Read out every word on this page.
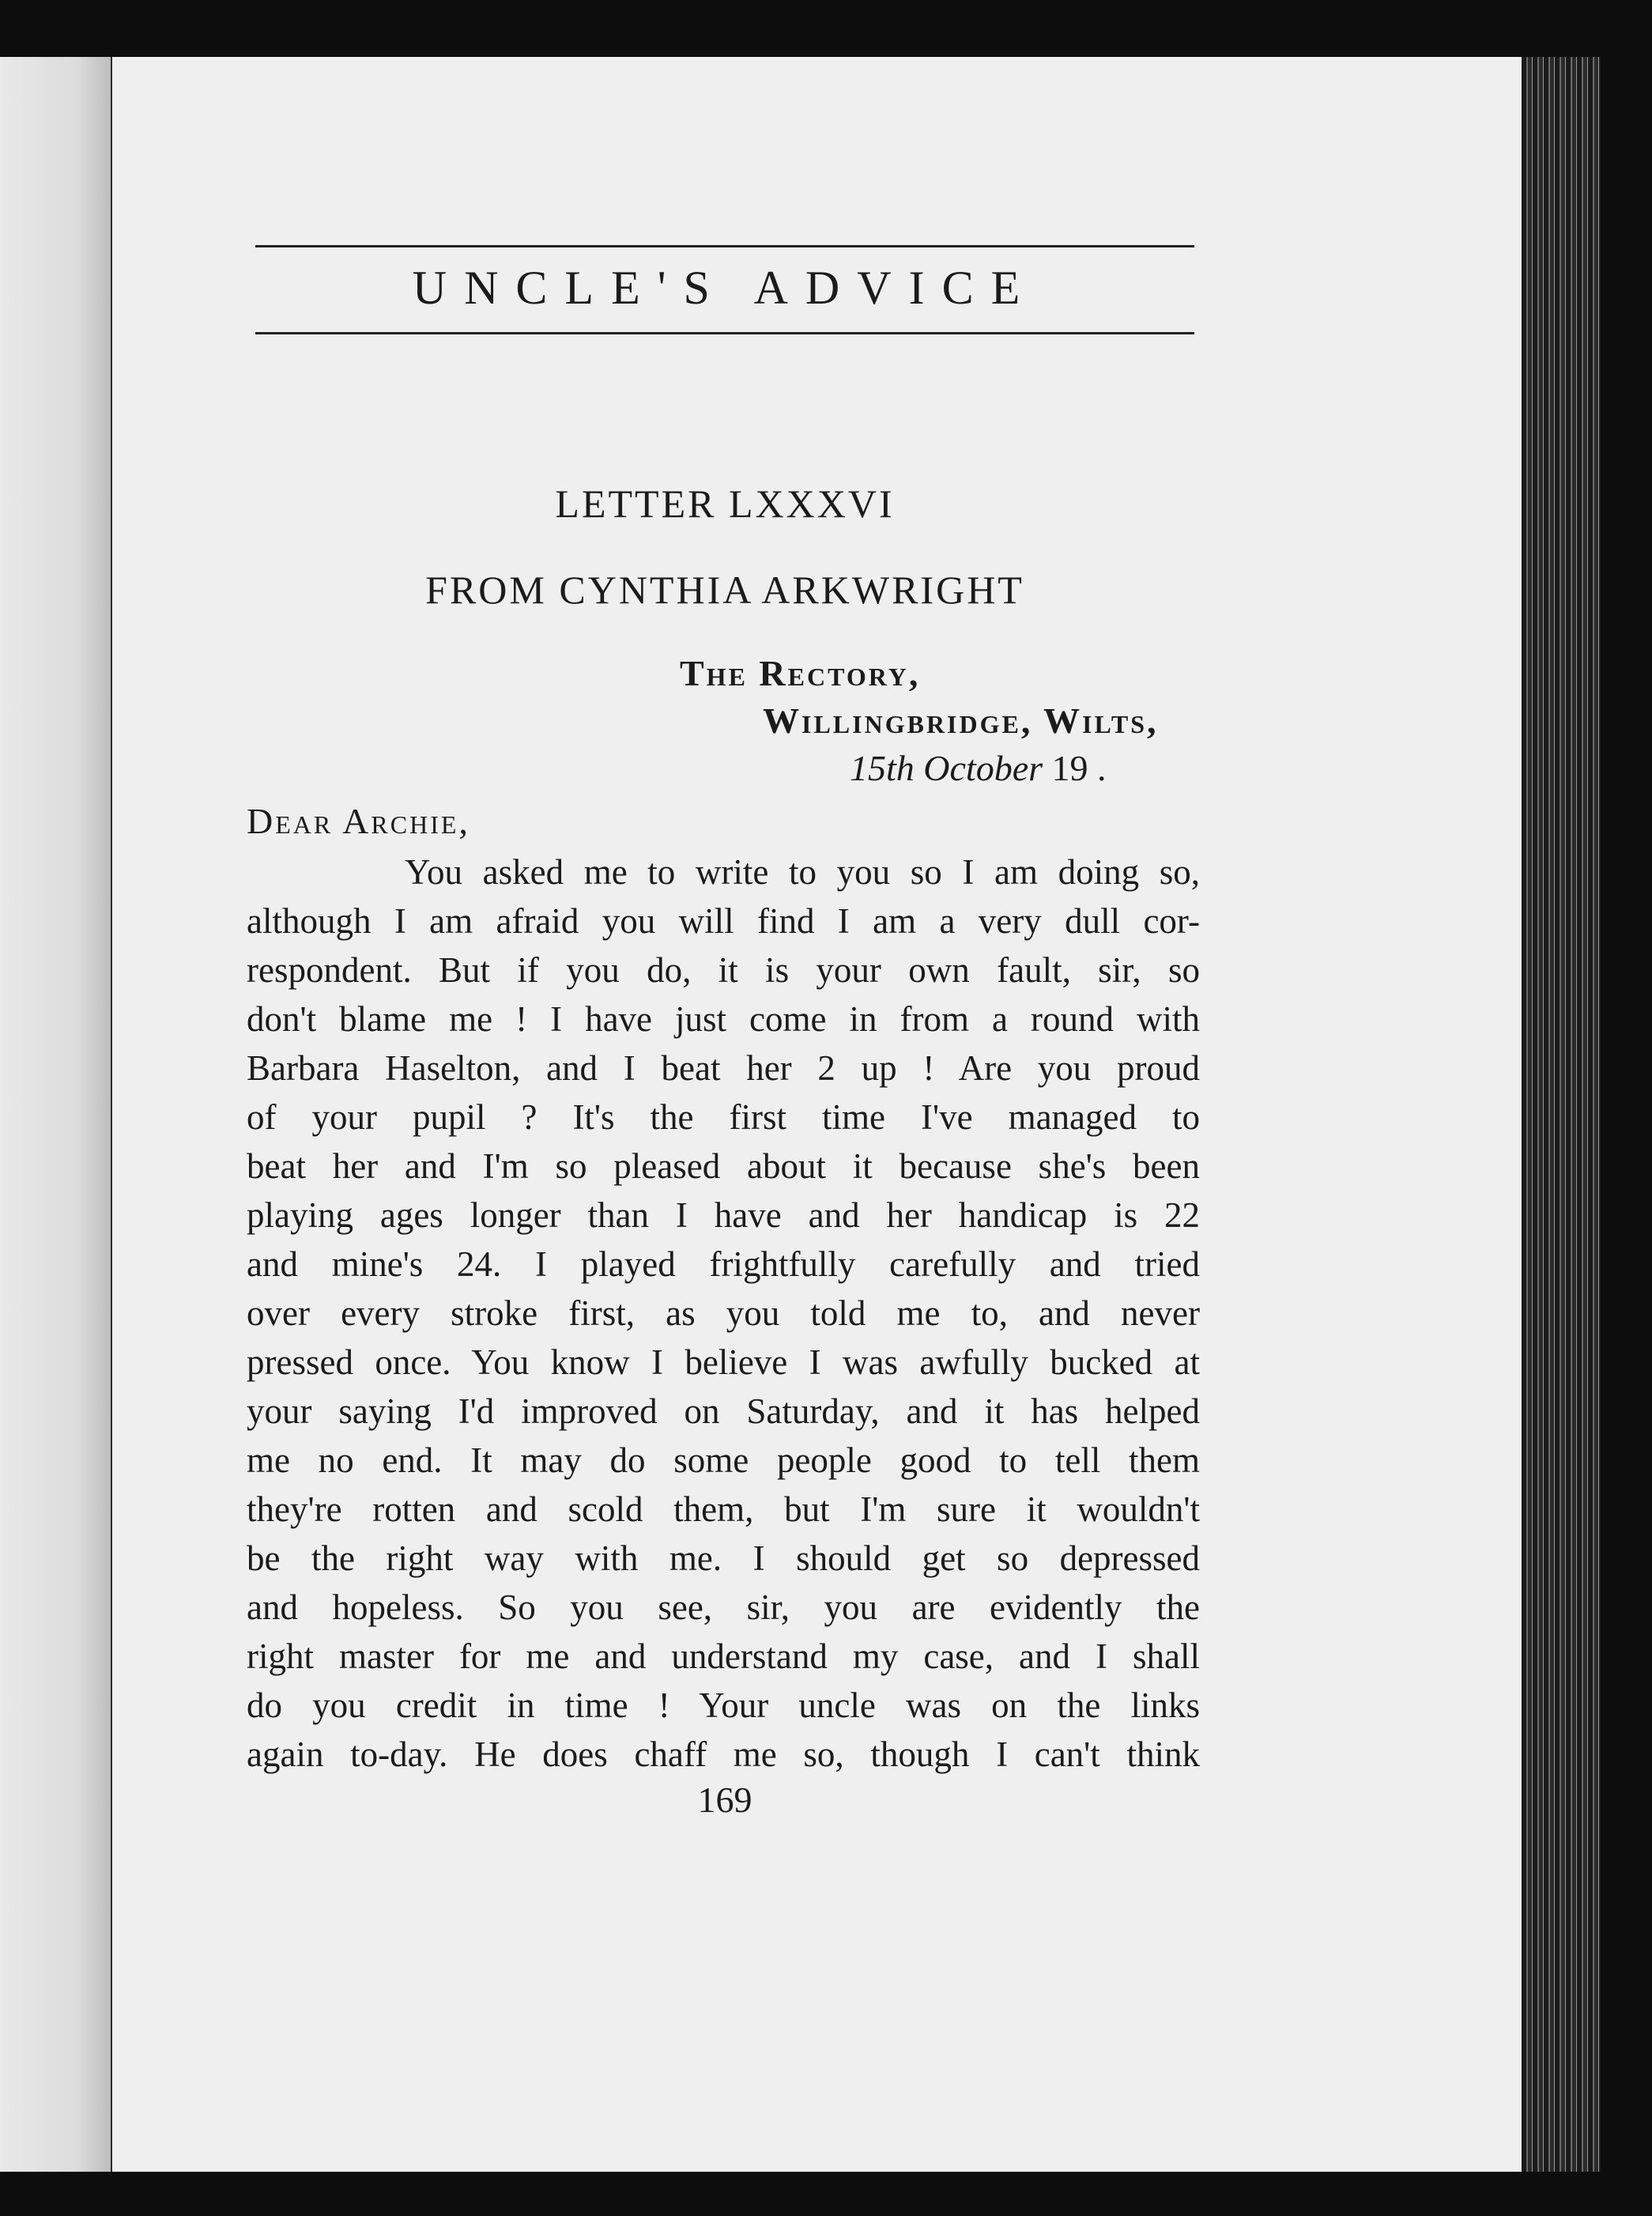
UNCLE'S ADVICE
LETTER LXXXVI
FROM CYNTHIA ARKWRIGHT
The Rectory,
Willingbridge, Wilts,
15th October 19 .
Dear Archie,
You asked me to write to you so I am doing so,
although I am afraid you will find I am a very dull cor-
respondent. But if you do, it is your own fault, sir, so
don't blame me ! I have just come in from a round with
Barbara Haselton, and I beat her 2 up ! Are you proud
of your pupil ? It's the first time I've managed to
beat her and I'm so pleased about it because she's been
playing ages longer than I have and her handicap is 22
and mine's 24. I played frightfully carefully and tried
over every stroke first, as you told me to, and never
pressed once. You know I believe I was awfully bucked at
your saying I'd improved on Saturday, and it has helped
me no end. It may do some people good to tell them
they're rotten and scold them, but I'm sure it wouldn't
be the right way with me. I should get so depressed
and hopeless. So you see, sir, you are evidently the
right master for me and understand my case, and I shall
do you credit in time ! Your uncle was on the links
again to-day. He does chaff me so, though I can't think
169
